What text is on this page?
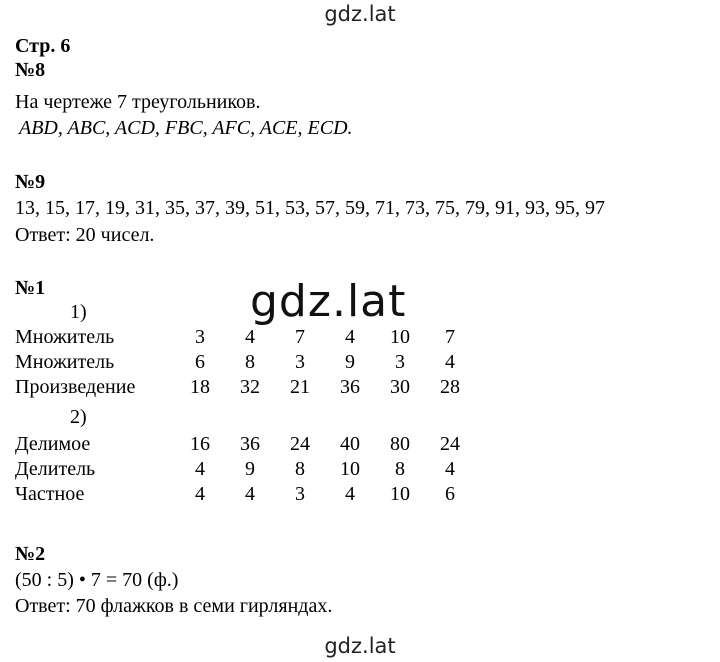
gdz.lat
Стр. 6
№8
На чертеже 7 треугольников.
ABD, ABC, ACD, FBC, AFC, ACE, ECD.
№9
13, 15, 17, 19, 31, 35, 37, 39, 51, 53, 57, 59, 71, 73, 75, 79, 91, 93, 95, 97
Ответ: 20 чисел.
№1
1)	gdz.lat
Множитель	3	4	7	4	10	7
Множитель	6	8	3	9	3	4
Произведение	18	32	21	36	30	28
2)
Делимое	16	36	24	40	80	24
Делитель	4	9	8	10	8	4
Частное	4	4	3	4	10	6
№2
(50 : 5) • 7 = 70 (ф.)
Ответ: 70 флажков в семи гирляндах.
gdz.lat
